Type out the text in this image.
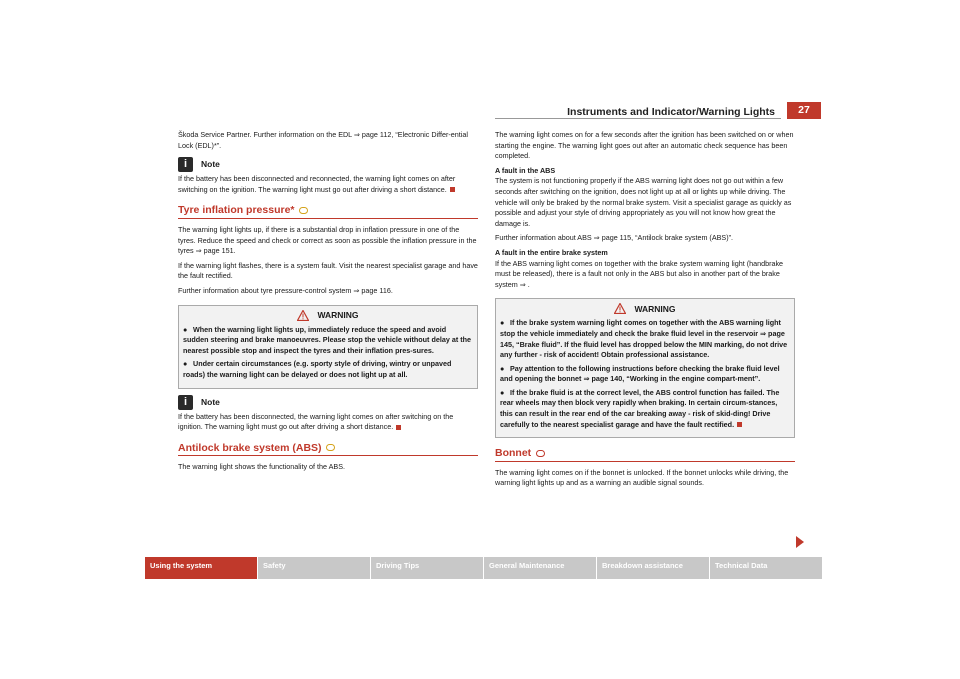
Instruments and Indicator/Warning Lights	27

Škoda Service Partner. Further information on the EDL ⇒ page 112, “Electronic Differ-ential Lock (EDL)*”.

i	Note

If the battery has been disconnected and reconnected, the warning light comes on after switching on the ignition. The warning light must go out after driving a short distance.

Tyre inflation pressure*

The warning light lights up, if there is a substantial drop in inflation pressure in one of the tyres. Reduce the speed and check or correct as soon as possible the inflation pressure in the tyres ⇒ page 151.

If the warning light flashes, there is a system fault. Visit the nearest specialist garage and have the fault rectified.

Further information about tyre pressure-control system ⇒ page 116.

WARNING

● When the warning light lights up, immediately reduce the speed and avoid sudden steering and brake manoeuvres. Please stop the vehicle without delay at the nearest possible stop and inspect the tyres and their inflation pres-sures.

● Under certain circumstances (e.g. sporty style of driving, wintry or unpaved roads) the warning light can be delayed or does not light up at all.

i	Note

If the battery has been disconnected, the warning light comes on after switching on the ignition. The warning light must go out after driving a short distance.

Antilock brake system (ABS)

The warning light shows the functionality of the ABS.

The warning light comes on for a few seconds after the ignition has been switched on or when starting the engine. The warning light goes out after an automatic check sequence has been completed.

A fault in the ABS

The system is not functioning properly if the ABS warning light does not go out within a few seconds after switching on the ignition, does not light up at all or lights up while driving. The vehicle will only be braked by the normal brake system. Visit a specialist garage as quickly as possible and adjust your style of driving appropriately as you will not know how great the damage is.

Further information about ABS ⇒ page 115, “Antilock brake system (ABS)”.

A fault in the entire brake system

If the ABS warning light comes on together with the brake system warning light (handbrake must be released), there is a fault not only in the ABS but also in another part of the brake system ⇒ .

WARNING

● If the brake system warning light comes on together with the ABS warning light stop the vehicle immediately and check the brake fluid level in the reservoir ⇒ page 145, “Brake fluid”. If the fluid level has dropped below the MIN marking, do not drive any further - risk of accident! Obtain professional assistance.

● Pay attention to the following instructions before checking the brake fluid level and opening the bonnet ⇒ page 140, “Working in the engine compart-ment”.

● If the brake fluid is at the correct level, the ABS control function has failed. The rear wheels may then block very rapidly when braking. In certain circum-stances, this can result in the rear end of the car breaking away - risk of skid-ding! Drive carefully to the nearest specialist garage and have the fault rectified.

Bonnet

The warning light comes on if the bonnet is unlocked. If the bonnet unlocks while driving, the warning light lights up and as a warning an audible signal sounds.

Using the system	Safety	Driving Tips	General Maintenance	Breakdown assistance	Technical Data
